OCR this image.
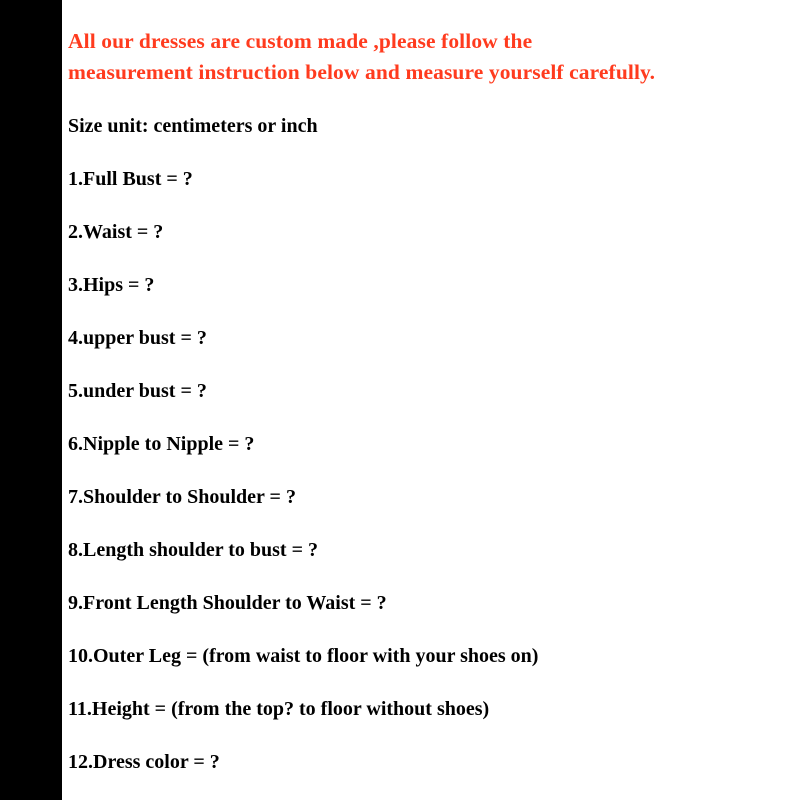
All our dresses are custom made ,please follow the
measurement instruction below and measure yourself carefully.
Size unit: centimeters or inch
1.Full Bust = ?
2.Waist = ?
3.Hips = ?
4.upper bust = ?
5.under bust = ?
6.Nipple to Nipple = ?
7.Shoulder to Shoulder = ?
8.Length shoulder to bust = ?
9.Front Length Shoulder to Waist = ?
10.Outer Leg = (from waist to floor with your shoes on)
11.Height = (from the top? to floor without shoes)
12.Dress color = ?
